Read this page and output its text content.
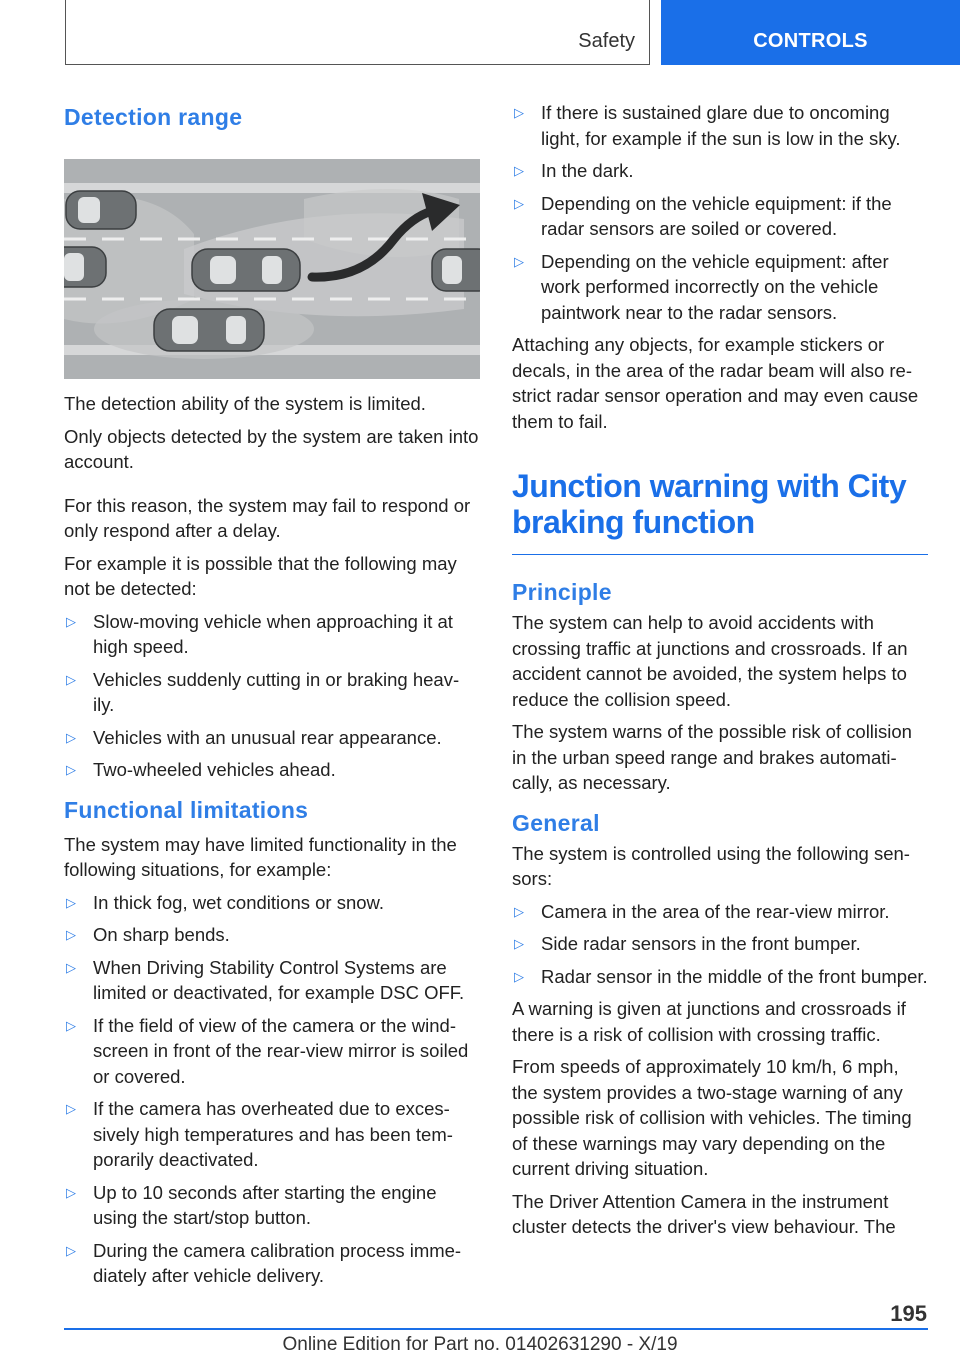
Safety	CONTROLS
Detection range

The detection ability of the system is limited.

Only objects detected by the system are taken into account.

For this reason, the system may fail to respond or only respond after a delay.

For example it is possible that the following may not be detected:

▷ Slow-moving vehicle when approaching it at high speed.
▷ Vehicles suddenly cutting in or braking heav-ily.
▷ Vehicles with an unusual rear appearance.
▷ Two-wheeled vehicles ahead.
Functional limitations

The system may have limited functionality in the following situations, for example:

▷ In thick fog, wet conditions or snow.
▷ On sharp bends.
▷ When Driving Stability Control Systems are limited or deactivated, for example DSC OFF.
▷ If the field of view of the camera or the wind-screen in front of the rear-view mirror is soiled or covered.
▷ If the camera has overheated due to exces-sively high temperatures and has been tem-porarily deactivated.
▷ Up to 10 seconds after starting the engine using the start/stop button.
▷ During the camera calibration process imme-diately after vehicle delivery.
▷ If there is sustained glare due to oncoming light, for example if the sun is low in the sky.
▷ In the dark.
▷ Depending on the vehicle equipment: if the radar sensors are soiled or covered.
▷ Depending on the vehicle equipment: after work performed incorrectly on the vehicle paintwork near to the radar sensors.

Attaching any objects, for example stickers or decals, in the area of the radar beam will also re-strict radar sensor operation and may even cause them to fail.

Junction warning with City braking function
Principle

The system can help to avoid accidents with crossing traffic at junctions and crossroads. If an accident cannot be avoided, the system helps to reduce the collision speed.

The system warns of the possible risk of collision in the urban speed range and brakes automati-cally, as necessary.

General

The system is controlled using the following sen-sors:

▷ Camera in the area of the rear-view mirror.
▷ Side radar sensors in the front bumper.
▷ Radar sensor in the middle of the front bumper.

A warning is given at junctions and crossroads if there is a risk of collision with crossing traffic.

From speeds of approximately 10 km/h, 6 mph, the system provides a two-stage warning of any possible risk of collision with vehicles. The timing of these warnings may vary depending on the current driving situation.

The Driver Attention Camera in the instrument cluster detects the driver's view behaviour. The

195
Online Edition for Part no. 01402631290 - X/19
